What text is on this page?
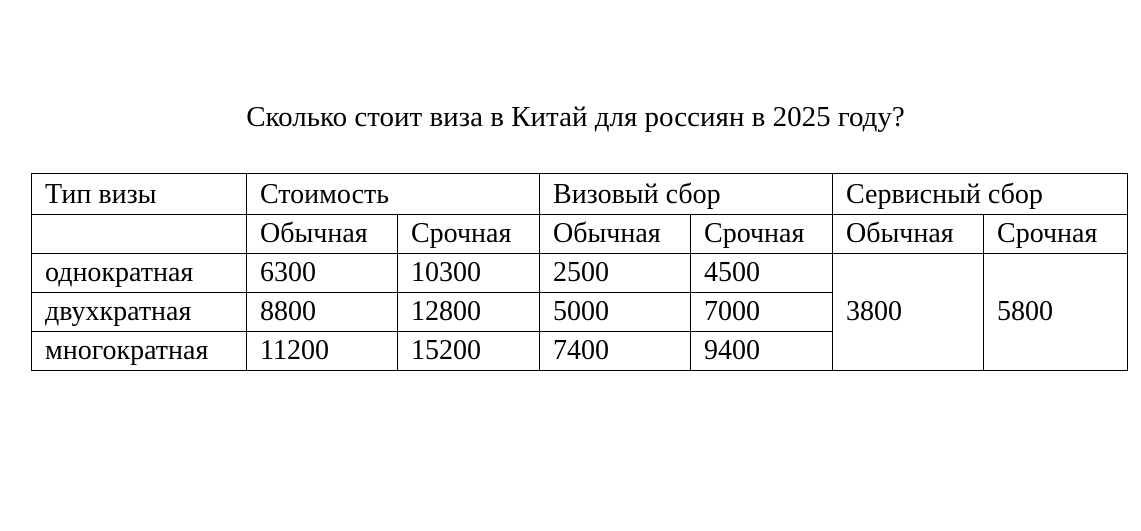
Сколько стоит виза в Китай для россиян в 2025 году?
Тип визы	Стоимость		Визовый сбор		Сервисный сбор	
	Обычная	Срочная	Обычная	Срочная	Обычная	Срочная
однократная	6300	10300	2500	4500	3800	5800
двухкратная	8800	12800	5000	7000		
многократная	11200	15200	7400	9400		
